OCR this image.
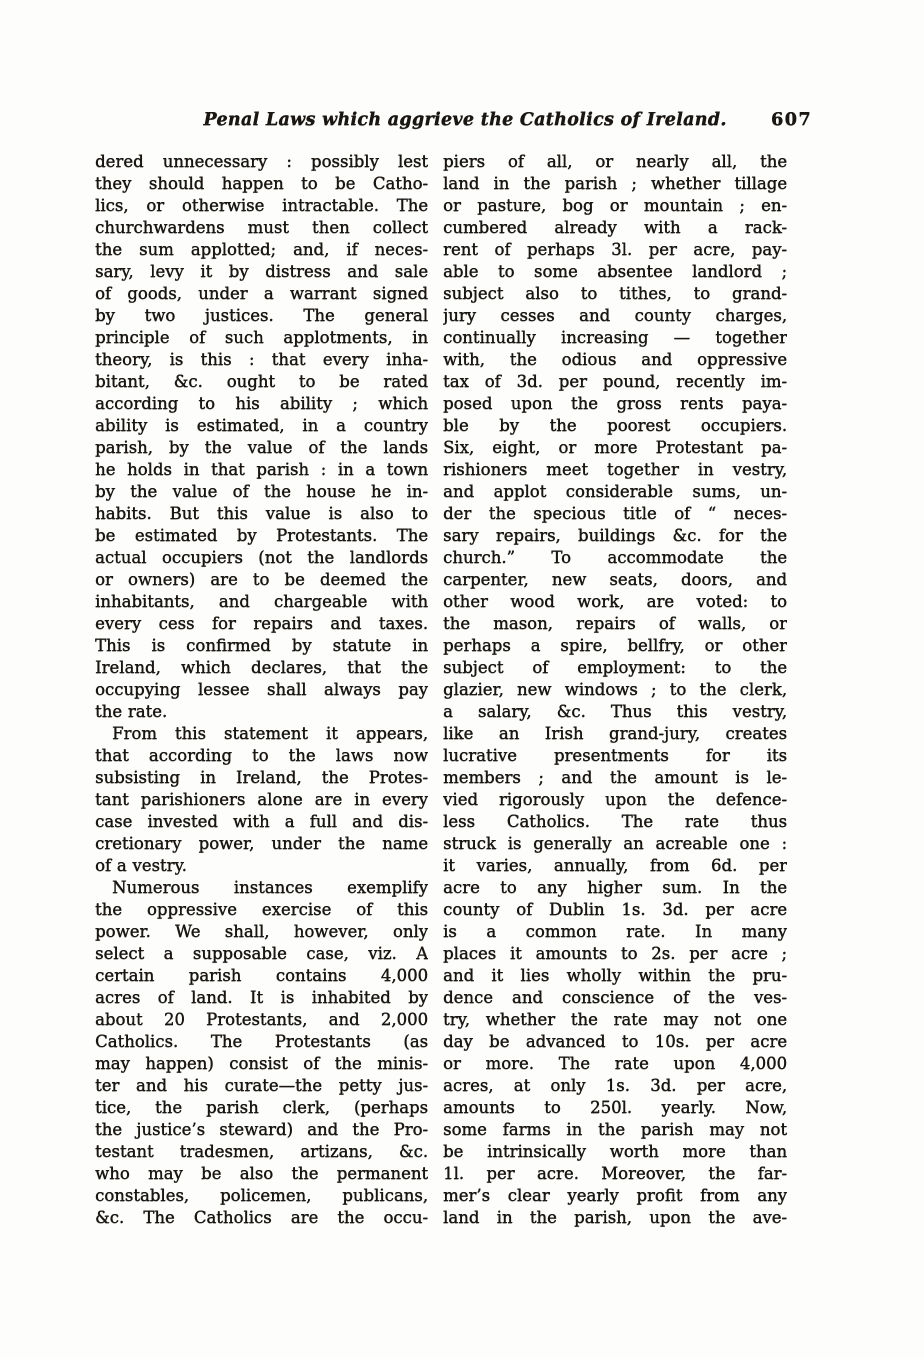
Penal Laws which aggrieve the Catholics of Ireland.	607
dered unnecessary : possibly lest
they should happen to be Catho-
lics, or otherwise intractable. The
churchwardens must then collect
the sum applotted; and, if neces-
sary, levy it by distress and sale
of goods, under a warrant signed
by two justices. The general
principle of such applotments, in
theory, is this : that every inha-
bitant, &c. ought to be rated
according to his ability ; which
ability is estimated, in a country
parish, by the value of the lands
he holds in that parish : in a town
by the value of the house he in-
habits. But this value is also to
be estimated by Protestants. The
actual occupiers (not the landlords
or owners) are to be deemed the
inhabitants, and chargeable with
every cess for repairs and taxes.
This is confirmed by statute in
Ireland, which declares, that the
occupying lessee shall always pay
the rate.
From this statement it appears,
that according to the laws now
subsisting in Ireland, the Protes-
tant parishioners alone are in every
case invested with a full and dis-
cretionary power, under the name
of a vestry.
Numerous instances exemplify
the oppressive exercise of this
power. We shall, however, only
select a supposable case, viz. A
certain parish contains 4,000
acres of land. It is inhabited by
about 20 Protestants, and 2,000
Catholics. The Protestants (as
may happen) consist of the minis-
ter and his curate—the petty jus-
tice, the parish clerk, (perhaps
the justice’s steward) and the Pro-
testant tradesmen, artizans, &c.
who may be also the permanent
constables, policemen, publicans,
&c. The Catholics are the occu-
piers of all, or nearly all, the
land in the parish ; whether tillage
or pasture, bog or mountain ; en-
cumbered already with a rack-
rent of perhaps 3l. per acre, pay-
able to some absentee landlord ;
subject also to tithes, to grand-
jury cesses and county charges,
continually increasing — together
with, the odious and oppressive
tax of 3d. per pound, recently im-
posed upon the gross rents paya-
ble by the poorest occupiers.
Six, eight, or more Protestant pa-
rishioners meet together in vestry,
and applot considerable sums, un-
der the specious title of “ neces-
sary repairs, buildings &c. for the
church.” To accommodate the
carpenter, new seats, doors, and
other wood work, are voted: to
the mason, repairs of walls, or
perhaps a spire, bellfry, or other
subject of employment: to the
glazier, new windows ; to the clerk,
a salary, &c. Thus this vestry,
like an Irish grand-jury, creates
lucrative presentments for its
members ; and the amount is le-
vied rigorously upon the defence-
less Catholics. The rate thus
struck is generally an acreable one :
it varies, annually, from 6d. per
acre to any higher sum. In the
county of Dublin 1s. 3d. per acre
is a common rate. In many
places it amounts to 2s. per acre ;
and it lies wholly within the pru-
dence and conscience of the ves-
try, whether the rate may not one
day be advanced to 10s. per acre
or more. The rate upon 4,000
acres, at only 1s. 3d. per acre,
amounts to 250l. yearly. Now,
some farms in the parish may not
be intrinsically worth more than
1l. per acre. Moreover, the far-
mer’s clear yearly profit from any
land in the parish, upon the ave-
